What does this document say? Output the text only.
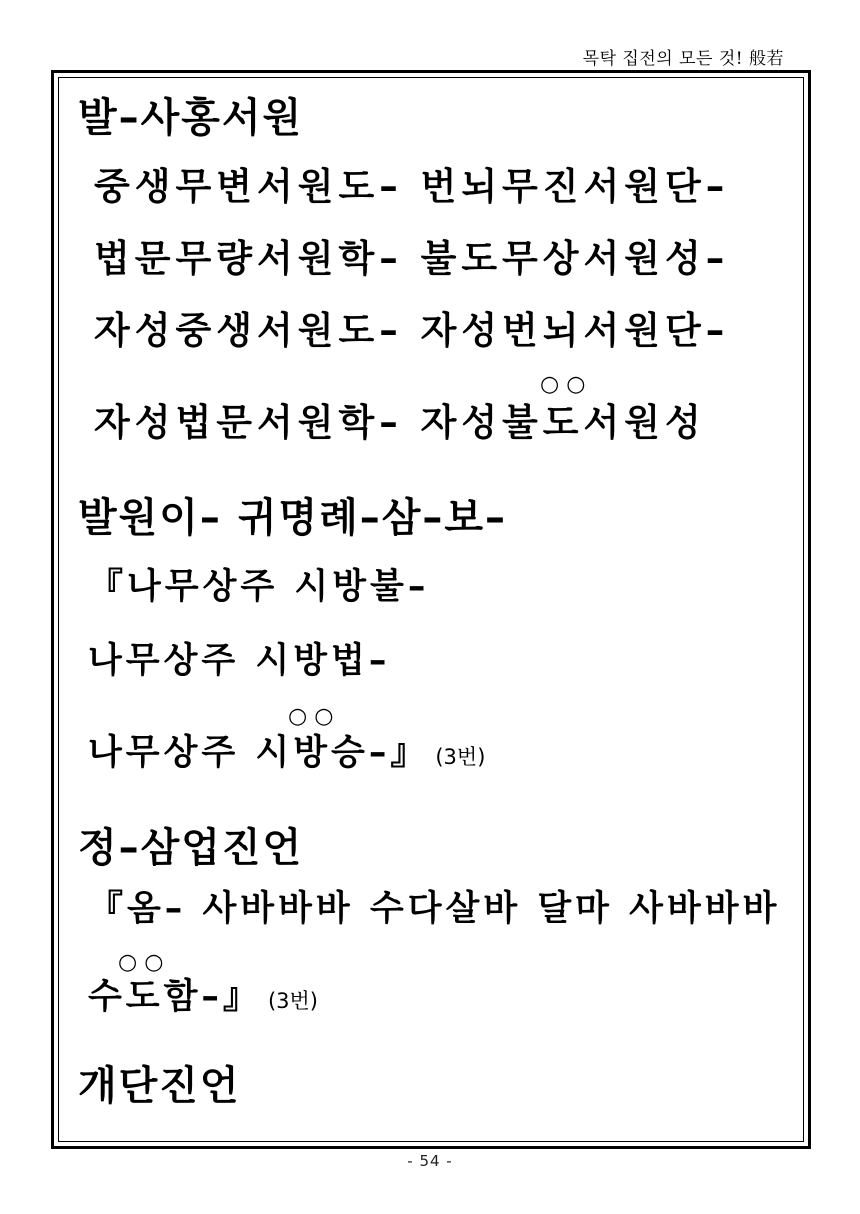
목탁 집전의 모든 것! 般若
발–사홍서원
중생무변서원도– 번뇌무진서원단–
법문무량서원학– 불도무상서원성–
자성중생서원도– 자성번뇌서원단–
○ ○
자성법문서원학– 자성불도서원성
발원이– 귀명례–삼–보–
『나무상주 시방불–
나무상주 시방법–
○ ○
나무상주 시방승–』 (3번)
정–삼업진언
『옴– 사바바바 수다살바 달마 사바바바
○ ○
수도함–』 (3번)
개단진언
- 54 -
